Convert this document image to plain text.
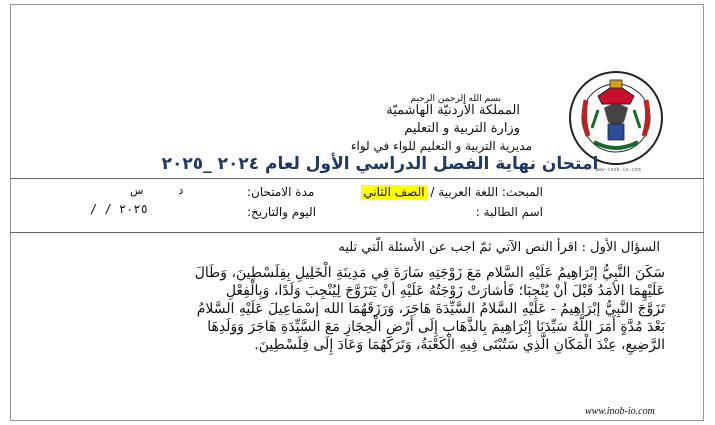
www.inob-io.com
بسم الله الرحمن الرحيم
المملكة الأردنيّة الهاشميّة
وزارة التربية و التعليم
مديرية التربية و التعليم للواء في لواء
امتحان نهاية الفصل الدراسي الأول لعام ٢٠٢٤ _٢٠٢٥
المبحث: اللغة العربية / الصف الثاني
اسم الطالبة :
مدة الامتحان:
د          س
اليوم والتاريخ:
/ / ٢٠٢٥
السؤال الأول : اقرأ النص الآتي ثمّ اجب عن الأسئلة الّتي تليه
سَكَنَ النَّبِيُّ إبْرَاهِيمُ عَلَيْهِ السَّلام مَعَ زَوْجَتِهِ سَارَةَ فِي مَدِينَةِ الْخَلِيلِ بِفِلَسْطِينَ، وَطَالَ
عَلَيْهِمَا الأمَدُ قَبْلَ أنْ يُنْجِبَا؛ فَأشارَتْ زَوْجَتُهُ عَلَيْهِ أنْ يَتَزَوَّجَ لِيُنْجِبَ وَلَدًا، وَبِالْفِعْلِ
تَزَوَّجَ النَّبِيُّ إبْرَاهِيمُ - عَلَيْهِ السَّلامُ السَّيِّدَةَ هَاجَرَ، وَرَزَقَهُمَا الله إسْمَاعِيلَ عَلَيْهِ السَّلامُ
بَعْدَ مُدَّةٍ أَمَرَ اللَّهُ سَيِّدَنَا إِبْرَاهِيمَ بِالذَّهَابِ إِلَى أَرْضِ الْحِجَازِ مَعَ السَّيِّدَةِ هَاجَرَ وَوَلَدِهَا
الرَّضِيعِ، عِنْدَ الْمَكَانِ الَّذِي سَتُبْنَى فِيهِ الْكَعْبَةُ، وَتَرَكَهُمَا وَعَادَ إِلَى فِلَسْطِينَ.
www.inob-io.com
